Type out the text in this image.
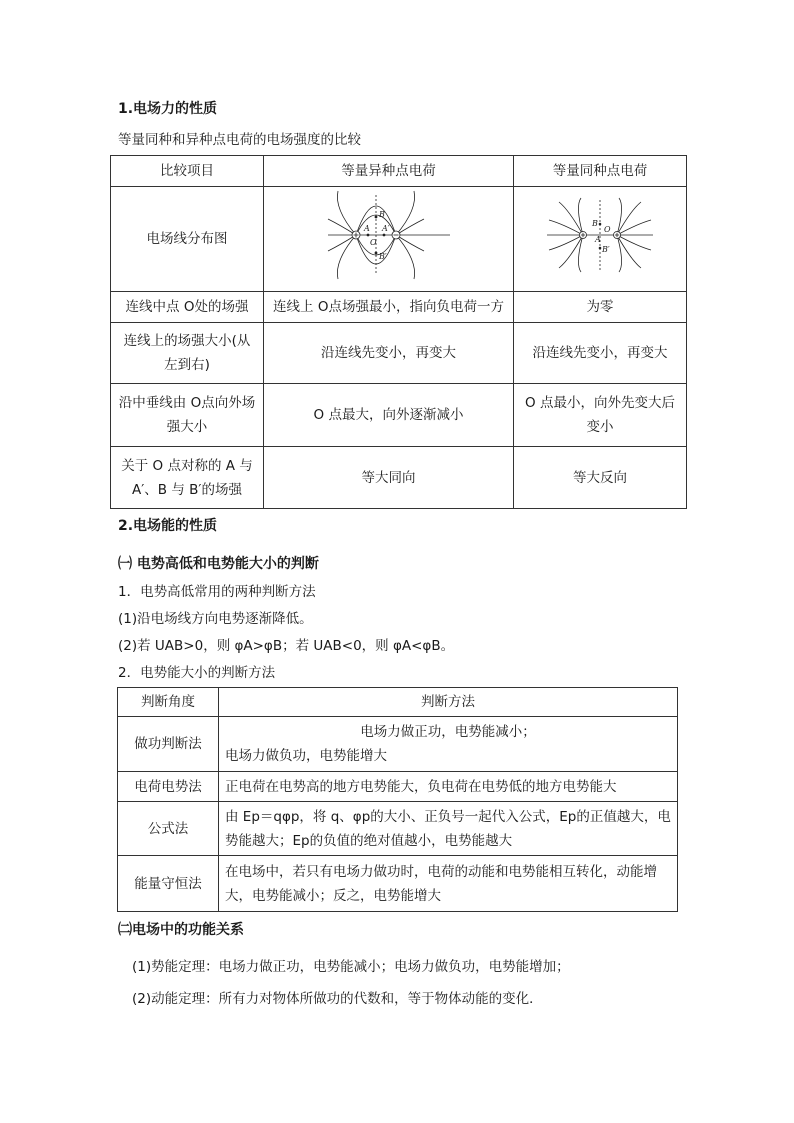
1.电场力的性质
等量同种和异种点电荷的电场强度的比较
比较项目	等量异种点电荷	等量同种点电荷
电场线分布图	B
B′
A A′
O	B
B′
A
O

连线中点 O处的场强	连线上 O点场强最小，指向负电荷一方	为零
连线上的场强大小(从左到右)	沿连线先变小，再变大	沿连线先变小，再变大
沿中垂线由 O点向外场强大小	O 点最大，向外逐渐减小	O 点最小，向外先变大后变小
关于 O 点对称的 A 与 A′、B 与 B′的场强	等大同向	等大反向
2.电场能的性质
㈠ 电势高低和电势能大小的判断
1．电势高低常用的两种判断方法
(1)沿电场线方向电势逐渐降低。
(2)若 UAB>0，则 φA>φB；若 UAB<0，则 φA<φB。
2．电势能大小的判断方法
判断角度	判断方法
做功判断法	电场力做正功，电势能减小；
电场力做负功，电势能增大

电荷电势法	正电荷在电势高的地方电势能大，负电荷在电势低的地方电势能大
公式法	由 Ep＝qφp，将 q、φp的大小、正负号一起代入公式，Ep的正值越大，电
势能越大；Ep的负值的绝对值越小，电势能越大

能量守恒法	在电场中，若只有电场力做功时，电荷的动能和电势能相互转化，动能增
大，电势能减小；反之，电势能增大
㈡电场中的功能关系
(1)势能定理：电场力做正功，电势能减小；电场力做负功，电势能增加；
(2)动能定理：所有力对物体所做功的代数和，等于物体动能的变化．
